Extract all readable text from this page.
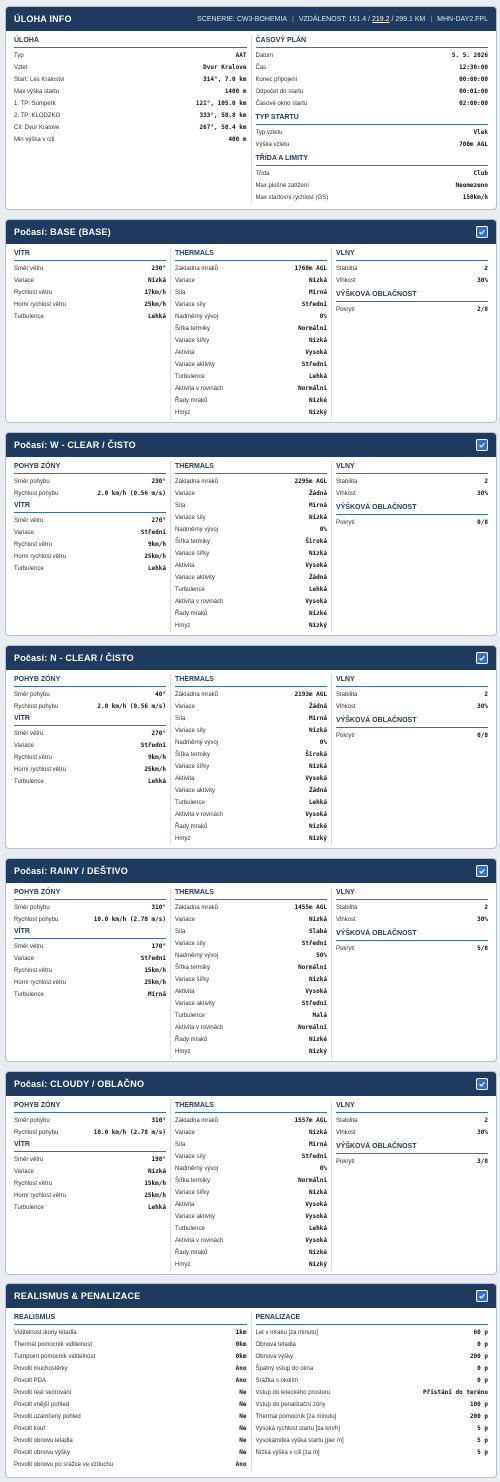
ÚLOHA INFO	SCENERIE: CW3-BOHEMIA | VZDÁLENOST: 151.4 / 219.2 / 299.1 KM | MHN-DAY2.FPL
ÚLOHA
Typ	AAT
Vzlet	Dvur Kralove
Start: Les Kralostvi	314°, 7.0 km
Max výška startu	1400 m
1. TP: Sumperk	121°, 105.0 km
2. TP: KLODZKO	333°, 58.8 km
Cíl: Dvur Kralove	267°, 58.4 km
Min výška v cíli	400 m
ČASOVÝ PLÁN
Datum	5. 5. 2026
Čas	12:30:00
Konec připojení	00:00:00
Odpočet do startu	00:01:00
Časové okno startu	02:00:00
TYP STARTU
Typ vzletu	Vlek
Výška vzletu	700m AGL
TŘÍDA A LIMITY
Třída	Club
Max plošné zatížení	Neomezeno
Max startovní rychlost (GS)	150km/h
Počasí: BASE (BASE)
VÍTR
Směr větru	230°
Variace	Nízká
Rychlost větru	17km/h
Horní rychlost větru	25km/h
Turbulence	Lehká
THERMALS
Základna mraků	1760m AGL
Variace	Nízká
Síla	Mírná
Variace síly	Střední
Nadměrný vývoj	0%
Šířka termiky	Normální
Variace šířky	Nízká
Aktivita	Vysoká
Variace aktivity	Střední
Turbulence	Lehká
Aktivita v rovinách	Normální
Řady mraků	Nízké
Hmyz	Nízký
VLNY
Stabilita	2
Vlhkost	30%
VÝŠKOVÁ OBLAČNOST
Pokrytí	2/8
Počasí: W - CLEAR / ČISTO
POHYB ZÓNY
Směr pohybu	230°
Rychlost pohybu	2.0 km/h (0.56 m/s)
VÍTR
Směr větru	270°
Variace	Střední
Rychlost větru	9km/h
Horní rychlost větru	25km/h
Turbulence	Lehká
THERMALS
Základna mraků	2295m AGL
Variace	Žádná
Síla	Mírná
Variace síly	Nízká
Nadměrný vývoj	0%
Šířka termiky	Široká
Variace šířky	Nízká
Aktivita	Vysoká
Variace aktivity	Žádná
Turbulence	Lehká
Aktivita v rovinách	Vysoká
Řady mraků	Nízké
Hmyz	Nízký
VLNY
Stabilita	2
Vlhkost	30%
VÝŠKOVÁ OBLAČNOST
Pokrytí	0/8
Počasí: N - CLEAR / ČISTO
POHYB ZÓNY
Směr pohybu	40°
Rychlost pohybu	2.0 km/h (0.56 m/s)
VÍTR
Směr větru	270°
Variace	Střední
Rychlost větru	9km/h
Horní rychlost větru	25km/h
Turbulence	Lehká
THERMALS
Základna mraků	2193m AGL
Variace	Žádná
Síla	Mírná
Variace síly	Nízká
Nadměrný vývoj	0%
Šířka termiky	Široká
Variace šířky	Nízká
Aktivita	Vysoká
Variace aktivity	Žádná
Turbulence	Lehká
Aktivita v rovinách	Vysoká
Řady mraků	Nízké
Hmyz	Nízký
VLNY
Stabilita	2
Vlhkost	30%
VÝŠKOVÁ OBLAČNOST
Pokrytí	0/8
Počasí: RAINY / DEŠTIVO
POHYB ZÓNY
Směr pohybu	310°
Rychlost pohybu	10.0 km/h (2.78 m/s)
VÍTR
Směr větru	170°
Variace	Střední
Rychlost větru	15km/h
Horní rychlost větru	25km/h
Turbulence	Mírná
THERMALS
Základna mraků	1455m AGL
Variace	Nízká
Síla	Slabá
Variace síly	Střední
Nadměrný vývoj	50%
Šířka termiky	Normální
Variace šířky	Nízká
Aktivita	Vysoká
Variace aktivity	Střední
Turbulence	Malá
Aktivita v rovinách	Normální
Řady mraků	Nízké
Hmyz	Nízký
VLNY
Stabilita	2
Vlhkost	30%
VÝŠKOVÁ OBLAČNOST
Pokrytí	5/8
Počasí: CLOUDY / OBLAČNO
POHYB ZÓNY
Směr pohybu	310°
Rychlost pohybu	10.0 km/h (2.78 m/s)
VÍTR
Směr větru	198°
Variace	Nízká
Rychlost větru	15km/h
Horní rychlost větru	25km/h
Turbulence	Lehká
THERMALS
Základna mraků	1557m AGL
Variace	Nízká
Síla	Mírná
Variace síly	Střední
Nadměrný vývoj	0%
Šířka termiky	Normální
Variace šířky	Nízká
Aktivita	Vysoká
Variace aktivity	Vysoká
Turbulence	Lehká
Aktivita v rovinách	Vysoká
Řady mraků	Nízké
Hmyz	Nízký
VLNY
Stabilita	2
Vlhkost	30%
VÝŠKOVÁ OBLAČNOST
Pokrytí	3/8
REALISMUS & PENALIZACE
REALISMUS
Viditelnost ikony letadla	1km
Thermal pomocník viditelnost	0km
Turnpoint pomocník viditelnost	0km
Povolit muchostěrky	Ano
Povolit PDA	Ano
Povolit real skórování	Ne
Povolit vnější pohled	Ne
Povolit uzamčený pohled	Ne
Povolit kouř	Ne
Povolit obnovu letadla	Ne
Povolit obnovu výšky	Ne
Povolit obnovu po srážce ve vzduchu	Ano
PENALIZACE
Let v mraku [za minutu]	60 p
Obnova letadla	0 p
Obnova výšky	200 p
Špatný vstup do okna	0 p
Srážka s okolím	0 p
Vstup do leteckého prostoru	Přistání do terénu
Vstup do penalizační zóny	100 p
Thermal pomocník [za minutu]	200 p
Vysoká rychlost startu [za km/h]	5 p
Vysokámítká výška startu [per m]	5 p
Nízká výška v cíli [za m]	5 p
